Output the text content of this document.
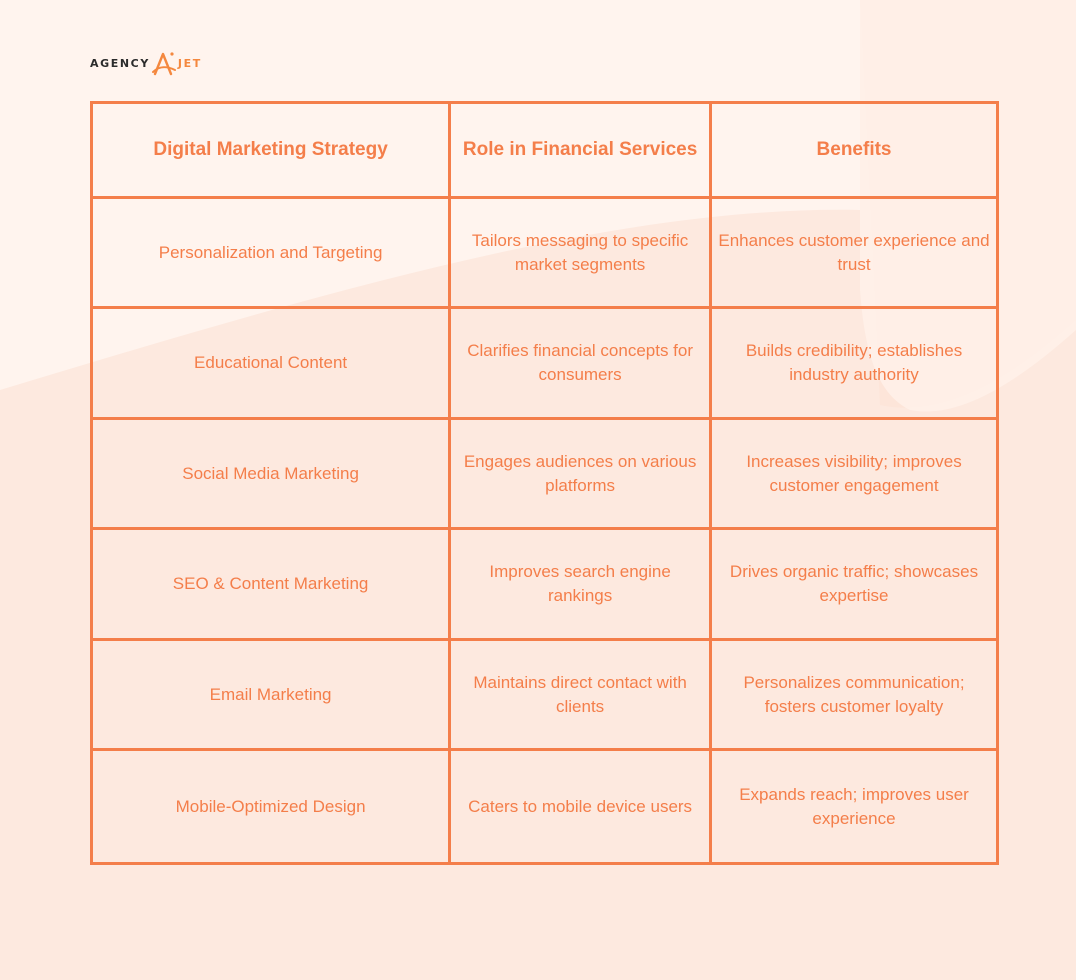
AGENCY	JET
Digital Marketing Strategy	Role in Financial Services	Benefits
Personalization and Targeting	Tailors messaging to specific market segments	Enhances customer experience and trust
Educational Content	Clarifies financial concepts for consumers	Builds credibility; establishes industry authority
Social Media Marketing	Engages audiences on various platforms	Increases visibility; improves customer engagement
SEO & Content Marketing	Improves search engine rankings	Drives organic traffic; showcases expertise
Email Marketing	Maintains direct contact with clients	Personalizes communication; fosters customer loyalty
Mobile-Optimized Design	Caters to mobile device users	Expands reach; improves user experience
